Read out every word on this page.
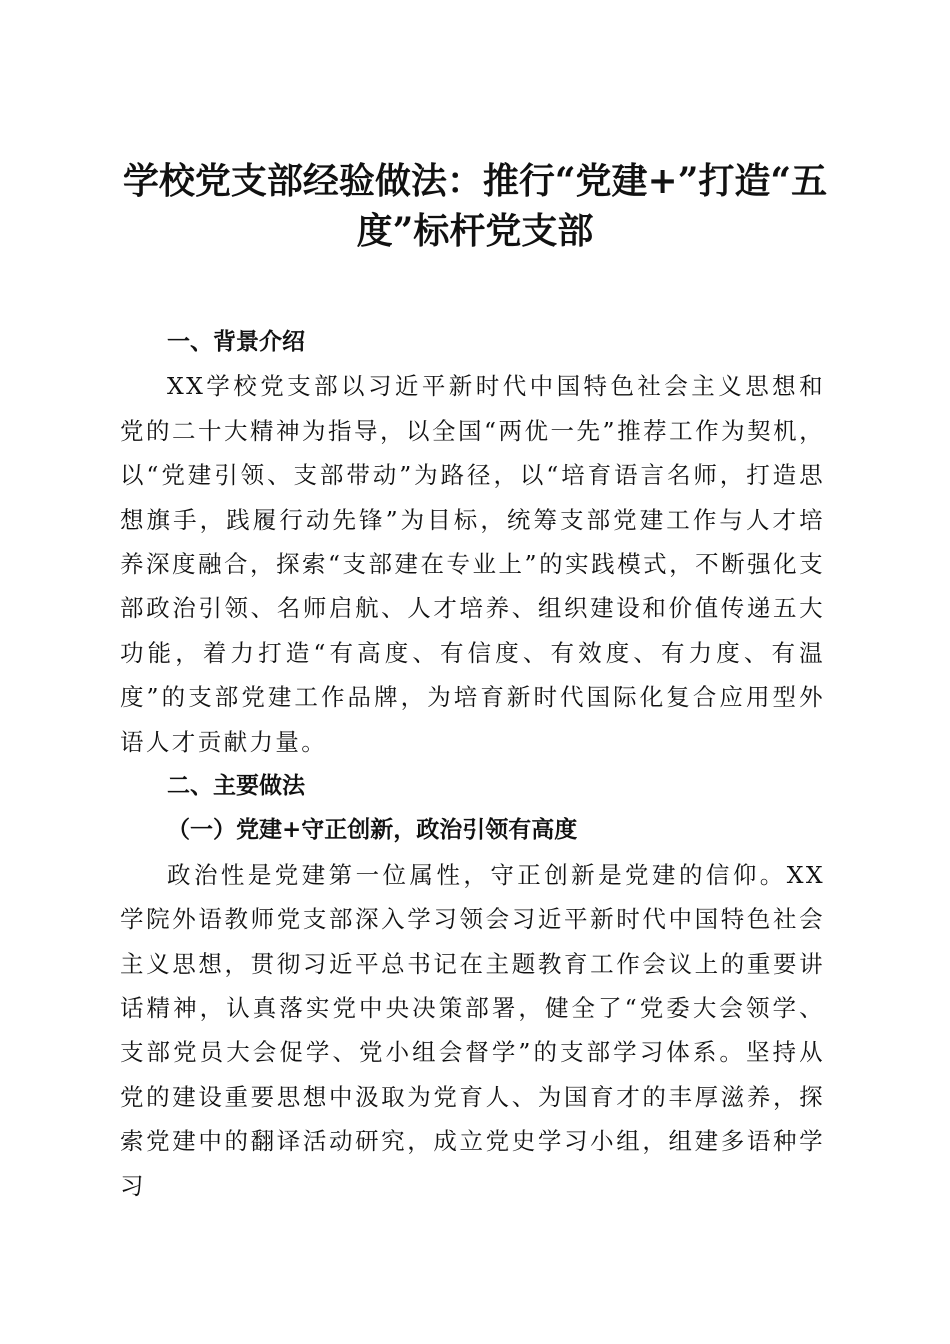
学校党支部经验做法：推行“党建+”打造“五度”标杆党支部
一、背景介绍

XX学校党支部以习近平新时代中国特色社会主义思想和党的二十大精神为指导，以全国“两优一先”推荐工作为契机，以“党建引领、支部带动”为路径，以“培育语言名师，打造思想旗手，践履行动先锋”为目标，统筹支部党建工作与人才培养深度融合，探索“支部建在专业上”的实践模式，不断强化支部政治引领、名师启航、人才培养、组织建设和价值传递五大功能，着力打造“有高度、有信度、有效度、有力度、有温度”的支部党建工作品牌，为培育新时代国际化复合应用型外语人才贡献力量。

二、主要做法
（一）党建+守正创新，政治引领有高度

政治性是党建第一位属性，守正创新是党建的信仰。XX学院外语教师党支部深入学习领会习近平新时代中国特色社会主义思想，贯彻习近平总书记在主题教育工作会议上的重要讲话精神，认真落实党中央决策部署，健全了“党委大会领学、支部党员大会促学、党小组会督学”的支部学习体系。坚持从党的建设重要思想中汲取为党育人、为国育才的丰厚滋养，探索党建中的翻译活动研究，成立党史学习小组，组建多语种学习
